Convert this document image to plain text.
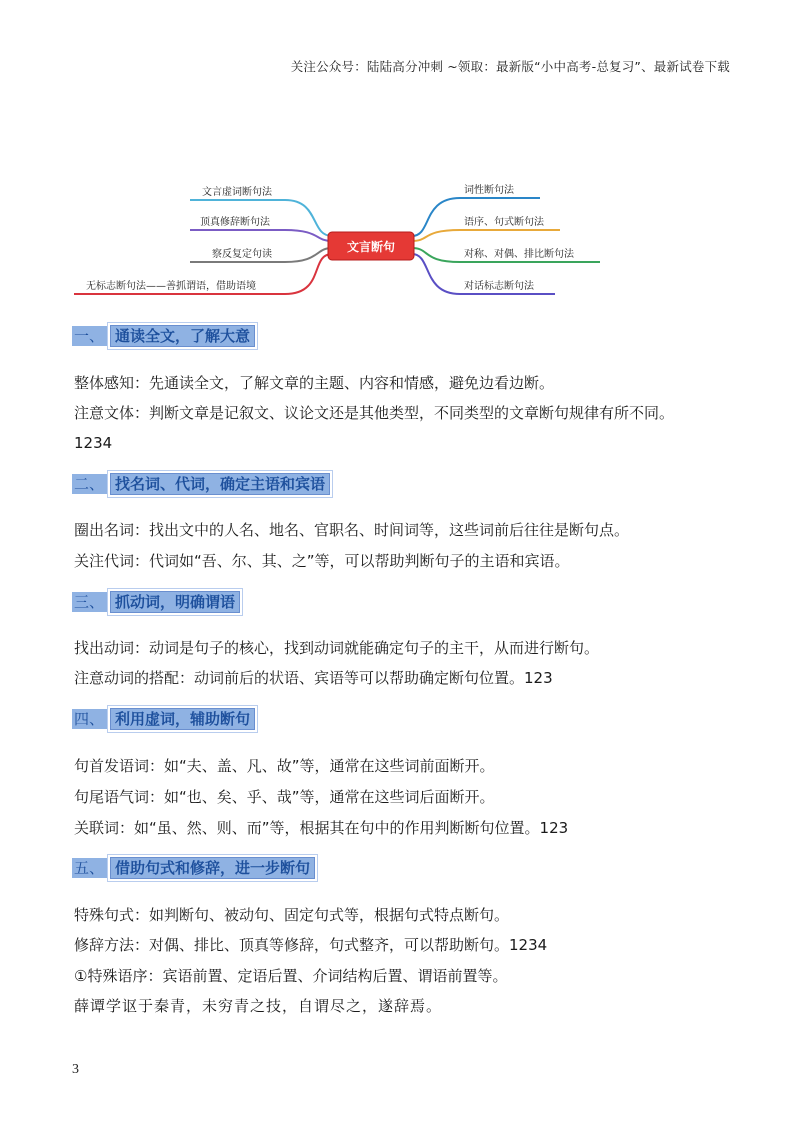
关注公众号：陆陆高分冲刺 ~领取：最新版“小中高考-总复习”、最新试卷下载
文言断句
文言虚词断句法
顶真修辞断句法
察反复定句读
无标志断句法——善抓谓语，借助语境
词性断句法
语序、句式断句法
对称、对偶、排比断句法
对话标志断句法
一、 通读全文，了解大意
整体感知：先通读全文，了解文章的主题、内容和情感，避免边看边断。
注意文体：判断文章是记叙文、议论文还是其他类型，不同类型的文章断句规律有所不同。
1234
二、 找名词、代词，确定主语和宾语
圈出名词：找出文中的人名、地名、官职名、时间词等，这些词前后往往是断句点。
关注代词：代词如“吾、尔、其、之”等，可以帮助判断句子的主语和宾语。
三、 抓动词，明确谓语
找出动词：动词是句子的核心，找到动词就能确定句子的主干，从而进行断句。
注意动词的搭配：动词前后的状语、宾语等可以帮助确定断句位置。123
四、 利用虚词，辅助断句
句首发语词：如“夫、盖、凡、故”等，通常在这些词前面断开。
句尾语气词：如“也、矣、乎、哉”等，通常在这些词后面断开。
关联词：如“虽、然、则、而”等，根据其在句中的作用判断断句位置。123
五、 借助句式和修辞，进一步断句
特殊句式：如判断句、被动句、固定句式等，根据句式特点断句。
修辞方法：对偶、排比、顶真等修辞，句式整齐，可以帮助断句。1234
①特殊语序：宾语前置、定语后置、介词结构后置、谓语前置等。
薛谭学讴于秦青，未穷青之技，自谓尽之，遂辞焉。
3
